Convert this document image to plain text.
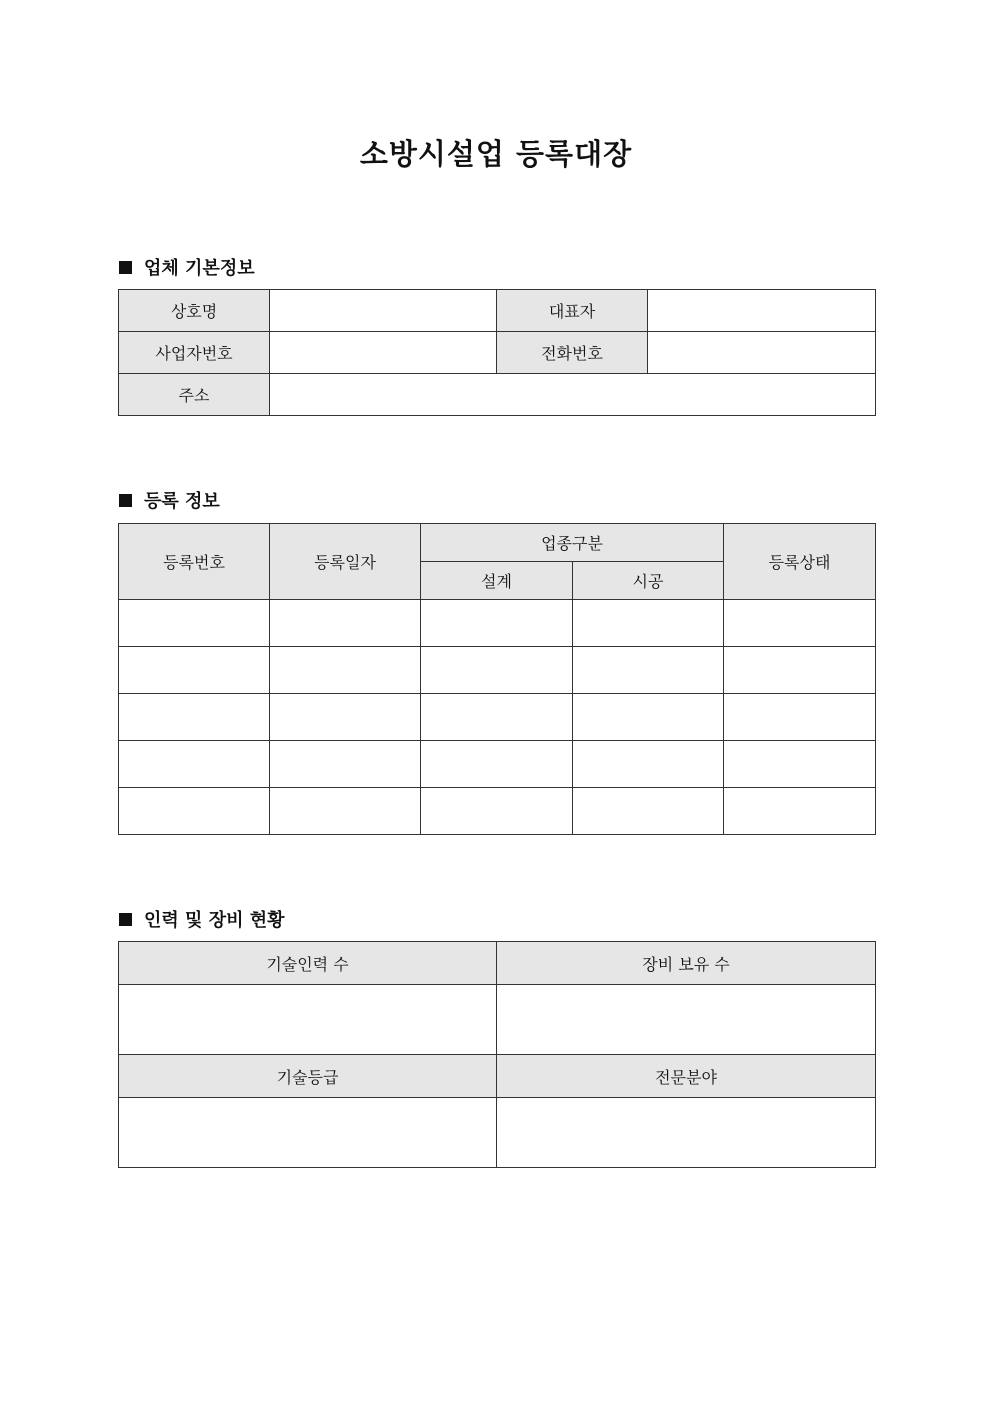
소방시설업 등록대장
업체 기본정보
상호명		대표자	
사업자번호		전화번호	
주소			
등록 정보
등록번호	등록일자	업종구분		등록상태
		설계	시공	

인력 및 장비 현황
기술인력 수	장비 보유 수

기술등급	전문분야
